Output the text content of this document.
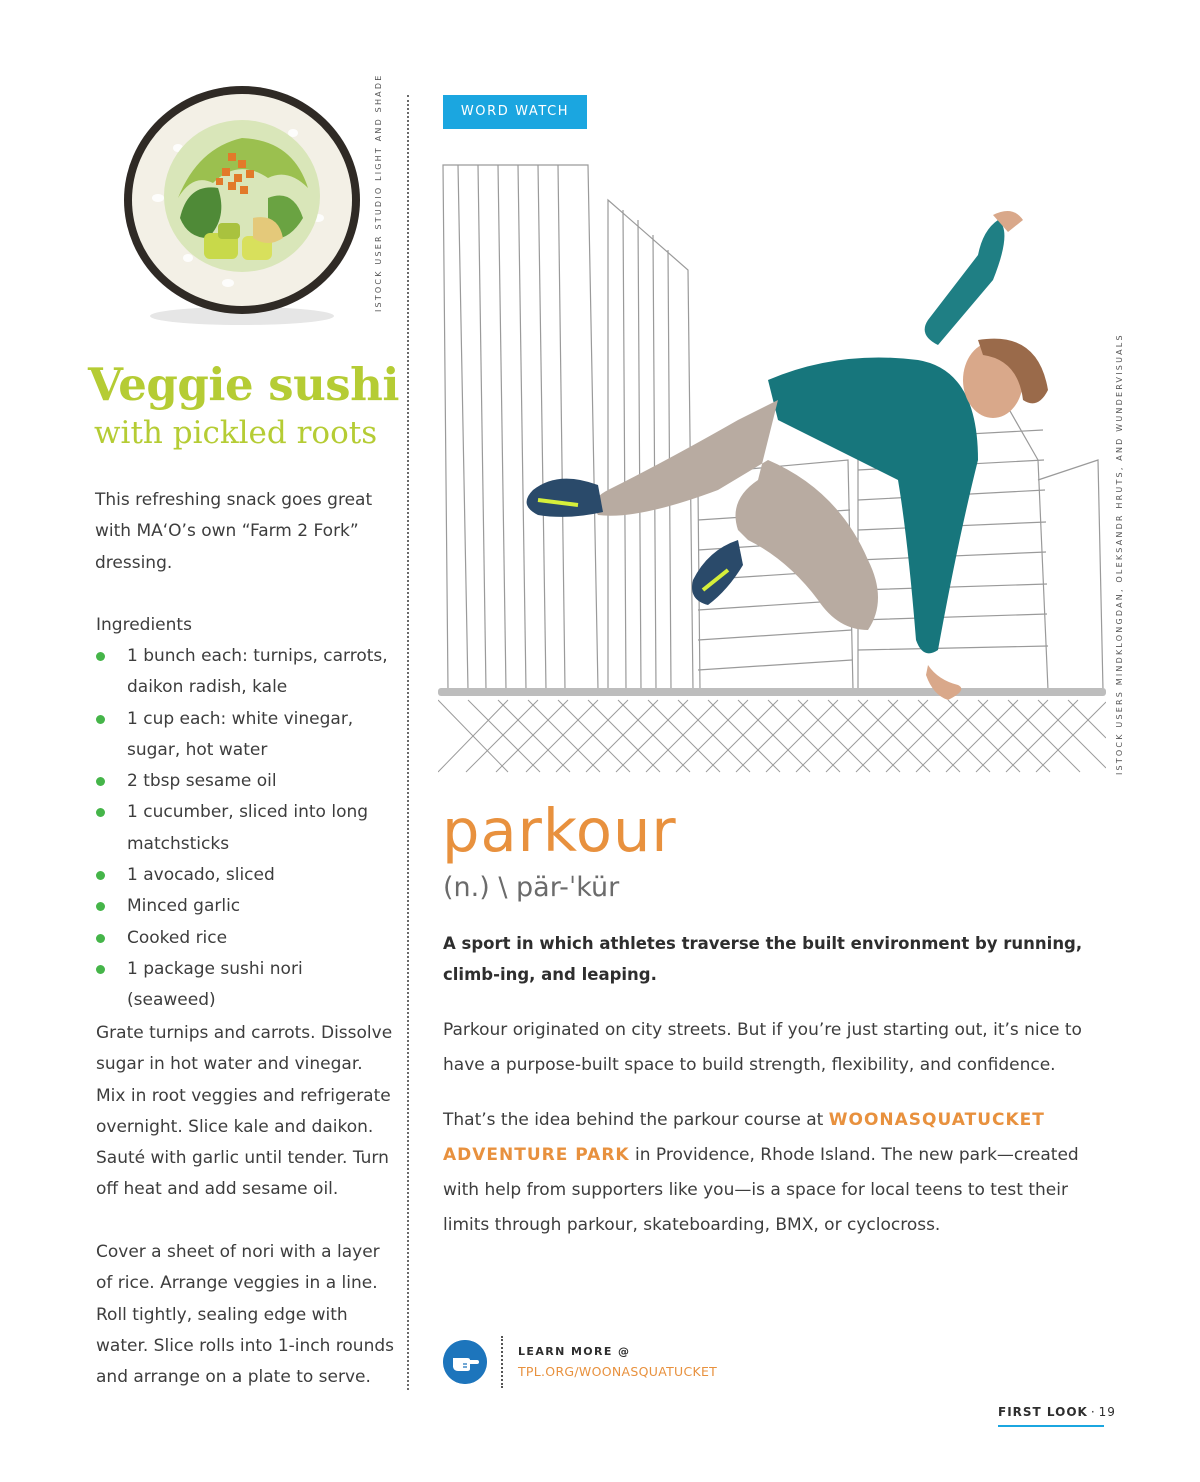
ISTOCK USER STUDIO LIGHT AND SHADE
Veggie sushi
with pickled roots
This refreshing snack goes great with MAʻO’s own “Farm 2 Fork” dressing.
Ingredients
1 bunch each: turnips, carrots, daikon radish, kale
1 cup each: white vinegar, sugar, hot water
2 tbsp sesame oil
1 cucumber, sliced into long matchsticks
1 avocado, sliced
Minced garlic
Cooked rice
1 package sushi nori (seaweed)
Grate turnips and carrots. Dissolve sugar in hot water and vinegar. Mix in root veggies and refrigerate overnight. Slice kale and daikon. Sauté with garlic until tender. Turn off heat and add sesame oil.
Cover a sheet of nori with a layer of rice. Arrange veggies in a line. Roll tightly, sealing edge with water. Slice rolls into 1-inch rounds and arrange on a plate to serve.
WORD WATCH
ISTOCK USERS MINDKLONGDAN, OLEKSANDR HRUTS, AND WUNDERVISUALS
parkour
(n.) \ pär-ˈkür
A sport in which athletes traverse the built environment by running, climb-ing, and leaping.
Parkour originated on city streets. But if you’re just starting out, it’s nice to have a purpose-built space to build strength, flexibility, and confidence.
That’s the idea behind the parkour course at WOONASQUATUCKET ADVENTURE PARK in Providence, Rhode Island. The new park—created with help from supporters like you—is a space for local teens to test their limits through parkour, skateboarding, BMX, or cyclocross.
LEARN MORE @
TPL.ORG/WOONASQUATUCKET
FIRST LOOK · 19
